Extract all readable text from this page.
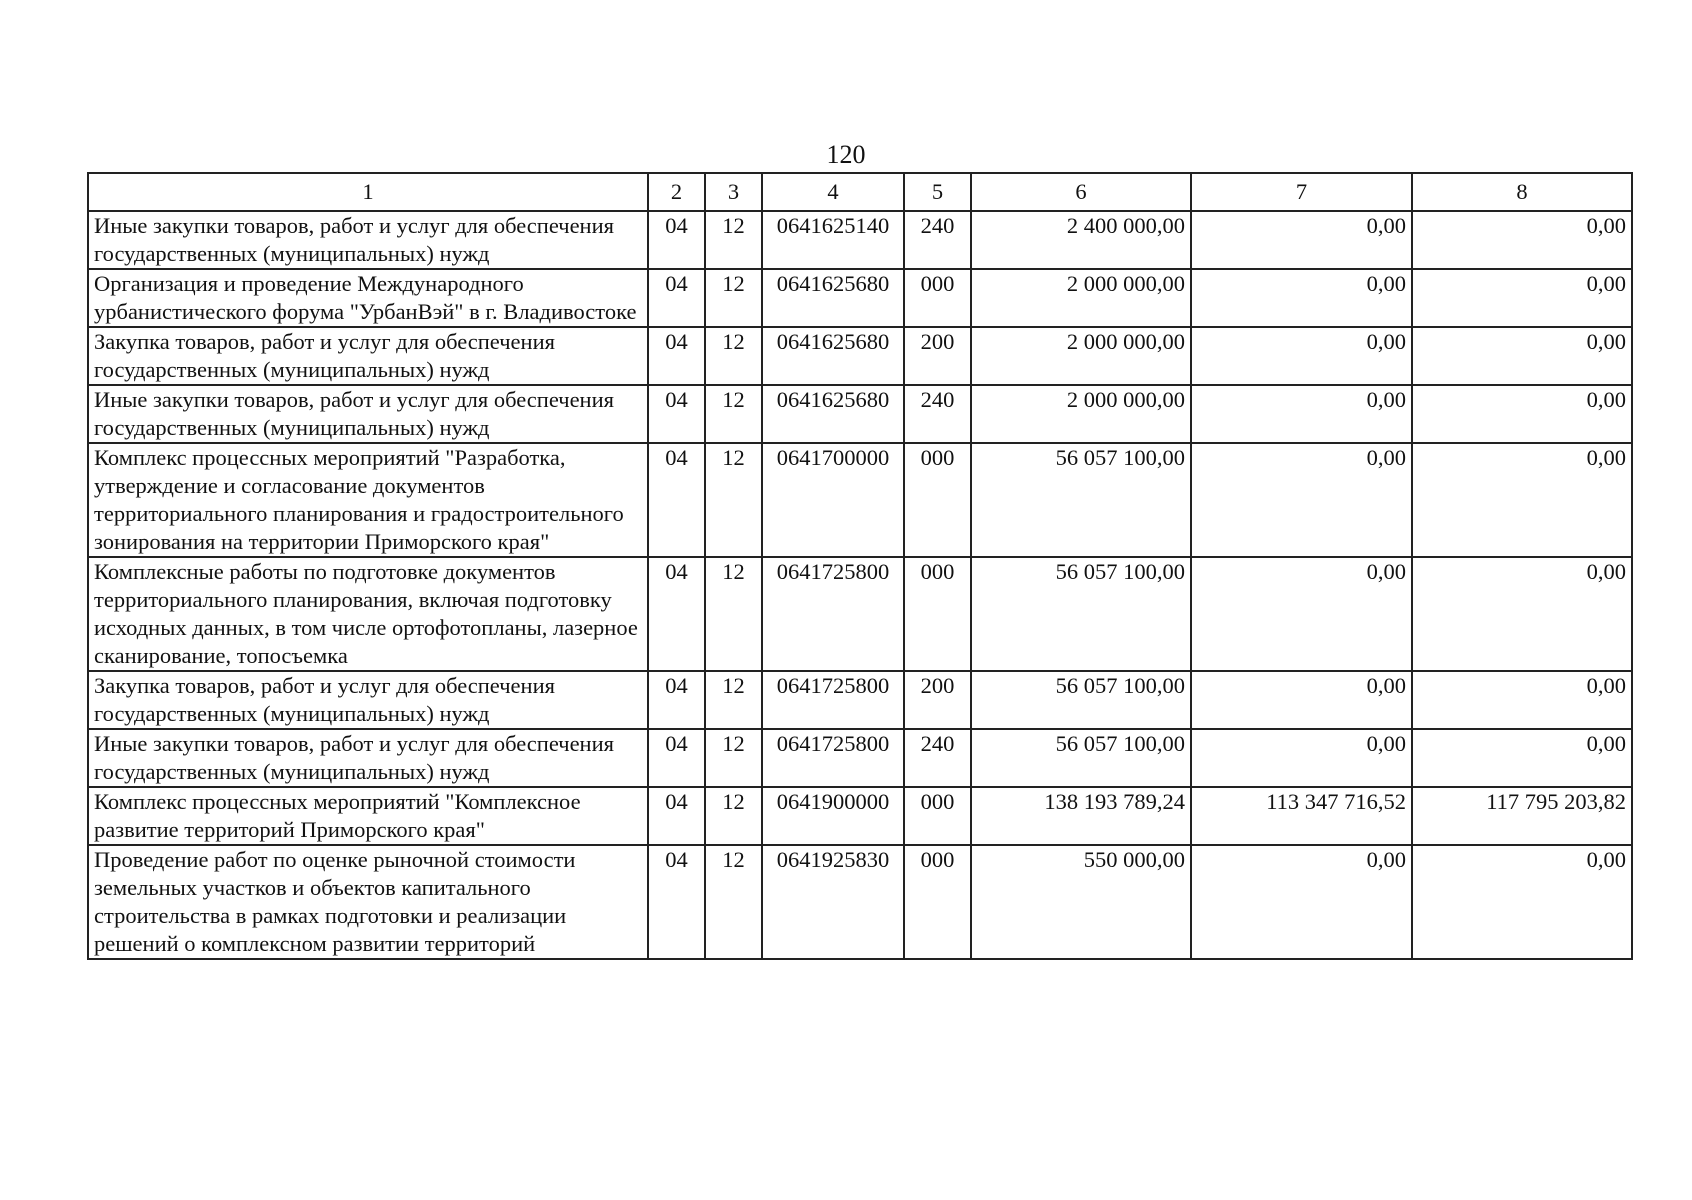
120
1	2	3	4	5	6	7	8
Иные закупки товаров, работ и услуг для обеспечения государственных (муниципальных) нужд	04	12	0641625140	240	2 400 000,00	0,00	0,00
Организация и проведение Международного урбанистического форума "УрбанВэй" в г. Владивостоке	04	12	0641625680	000	2 000 000,00	0,00	0,00
Закупка товаров, работ и услуг для обеспечения государственных (муниципальных) нужд	04	12	0641625680	200	2 000 000,00	0,00	0,00
Иные закупки товаров, работ и услуг для обеспечения государственных (муниципальных) нужд	04	12	0641625680	240	2 000 000,00	0,00	0,00
Комплекс процессных мероприятий "Разработка, утверждение и согласование документов территориального планирования и градостроительного зонирования на территории Приморского края"	04	12	0641700000	000	56 057 100,00	0,00	0,00
Комплексные работы по подготовке документов территориального планирования, включая подготовку исходных данных, в том числе ортофотопланы, лазерное сканирование, топосъемка	04	12	0641725800	000	56 057 100,00	0,00	0,00
Закупка товаров, работ и услуг для обеспечения государственных (муниципальных) нужд	04	12	0641725800	200	56 057 100,00	0,00	0,00
Иные закупки товаров, работ и услуг для обеспечения государственных (муниципальных) нужд	04	12	0641725800	240	56 057 100,00	0,00	0,00
Комплекс процессных мероприятий "Комплексное развитие территорий Приморского края"	04	12	0641900000	000	138 193 789,24	113 347 716,52	117 795 203,82
Проведение работ по оценке рыночной стоимости земельных участков и объектов капитального строительства в рамках подготовки и реализации решений о комплексном развитии территорий	04	12	0641925830	000	550 000,00	0,00	0,00
